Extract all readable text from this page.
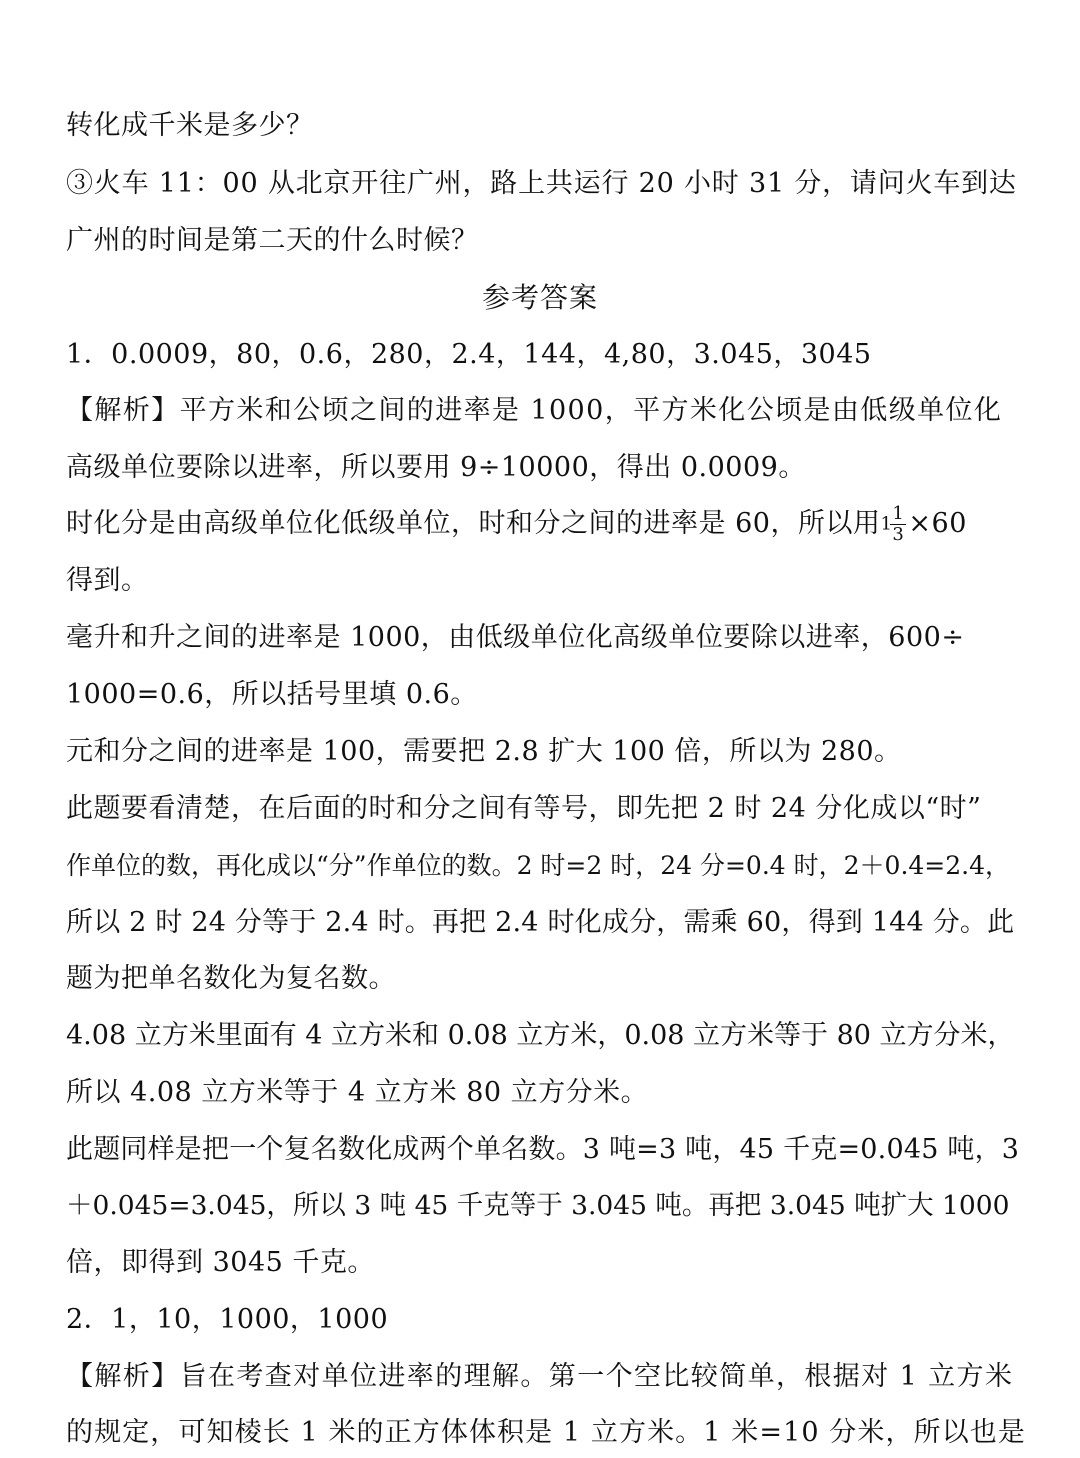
转化成千米是多少？
③火车 11：00 从北京开往广州，路上共运行 20 小时 31 分，请问火车到达
广州的时间是第二天的什么时候？
参考答案
1．0.0009，80，0.6，280，2.4，144，4,80，3.045，3045
【解析】平方米和公顷之间的进率是 1000，平方米化公顷是由低级单位化
高级单位要除以进率，所以要用 9÷10000，得出 0.0009。
时化分是由高级单位化低级单位，时和分之间的进率是 60，所以用1
$\frac{1}{3} \times 60$
得到。
毫升和升之间的进率是 1000，由低级单位化高级单位要除以进率，600÷
1000=0.6，所以括号里填 0.6。
元和分之间的进率是 100，需要把 2.8 扩大 100 倍，所以为 280。
此题要看清楚，在后面的时和分之间有等号，即先把 2 时 24 分化成以“时”
作单位的数，再化成以“分”作单位的数。2 时=2 时，24 分=0.4 时，2＋0.4=2.4，
所以 2 时 24 分等于 2.4 时。再把 2.4 时化成分，需乘 60，得到 144 分。此
题为把单名数化为复名数。
4.08 立方米里面有 4 立方米和 0.08 立方米，0.08 立方米等于 80 立方分米，
所以 4.08 立方米等于 4 立方米 80 立方分米。
此题同样是把一个复名数化成两个单名数。3 吨=3 吨，45 千克=0.045 吨，3
＋0.045=3.045，所以 3 吨 45 千克等于 3.045 吨。再把 3.045 吨扩大 1000
倍，即得到 3045 千克。
2．1，10，1000，1000
【解析】旨在考查对单位进率的理解。第一个空比较简单，根据对 1 立方米
的规定，可知棱长 1 米的正方体体积是 1 立方米。1 米=10 分米，所以也是
